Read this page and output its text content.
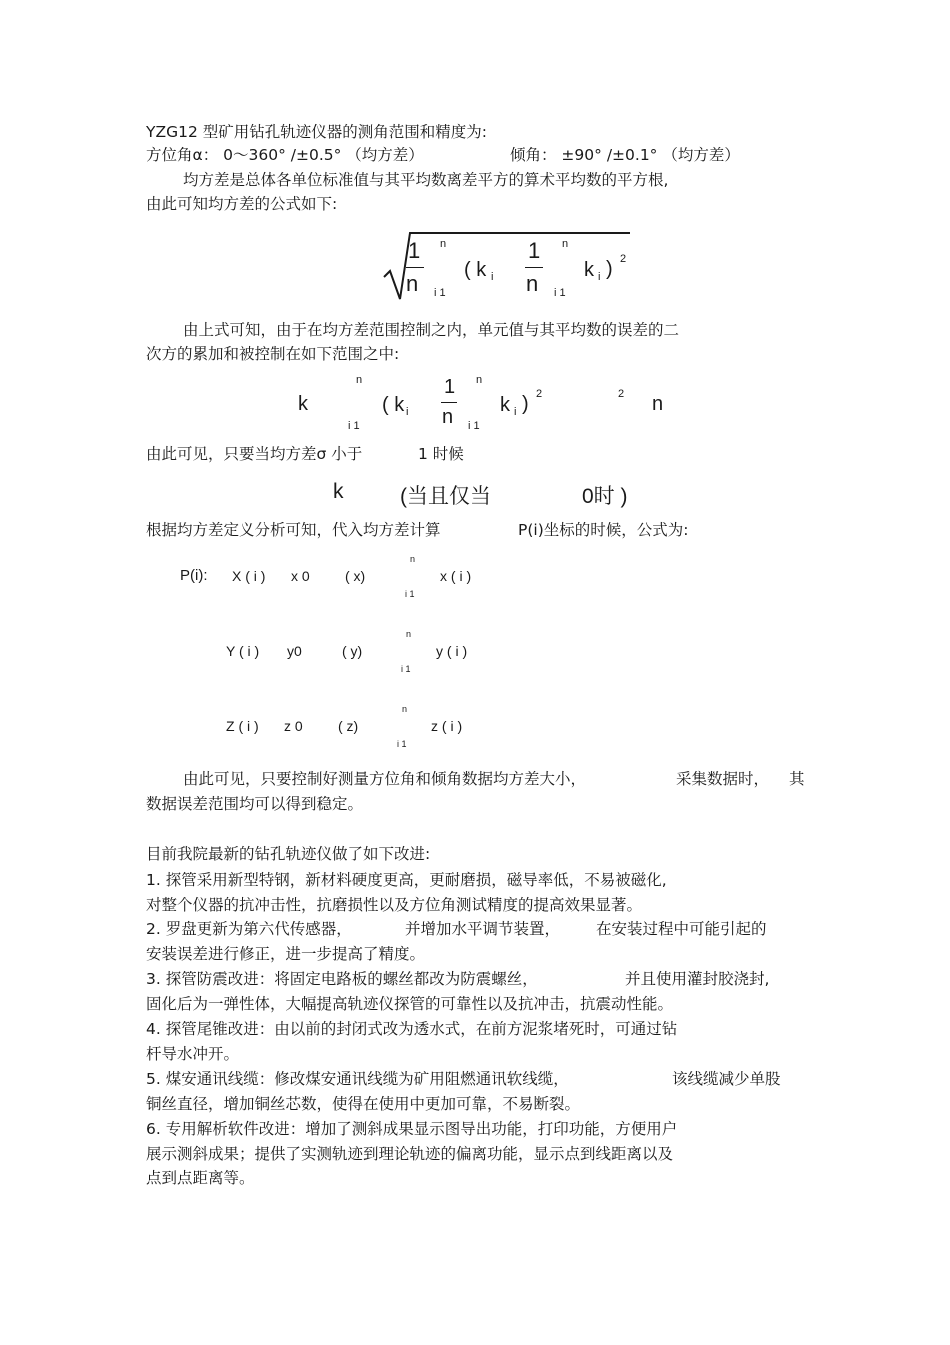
YZG12 型矿用钻孔轨迹仪器的测角范围和精度为:
方位角α： 0～360° /±0.5° （均方差）	倾角： ±90° /±0.1° （均方差）
均方差是总体各单位标准值与其平均数离差平方的算术平均数的平方根,
由此可知均方差的公式如下:
1
n
n
i 1
( k i
1
n
n
i 1
k i ) 2
由上式可知，由于在均方差范围控制之内，单元值与其平均数的误差的二
次方的累加和被控制在如下范围之中:
k
n
i 1
( k i
1
n
n
i 1
k i ) 2	2 n
由此可见，只要当均方差σ 小于	1 时候
k	(当且仅当	0时 )
根据均方差定义分析可知，代入均方差计算	P(i)坐标的时候，公式为:
P(i): X ( i ) x 0	( x)
n
i 1
x ( i )
Y ( i ) y0	( y)
n
i 1
y ( i )
Z ( i ) z 0	( z)
n
i 1
z ( i )
由此可见，只要控制好测量方位角和倾角数据均方差大小，	采集数据时， 其
数据误差范围均可以得到稳定。
目前我院最新的钻孔轨迹仪做了如下改进:
1. 探管采用新型特钢，新材料硬度更高，更耐磨损，磁导率低，不易被磁化,
对整个仪器的抗冲击性，抗磨损性以及方位角测试精度的提高效果显著。
2. 罗盘更新为第六代传感器，	并增加水平调节装置， 在安装过程中可能引起的
安装误差进行修正，进一步提高了精度。
3. 探管防震改进：将固定电路板的螺丝都改为防震螺丝，	并且使用灌封胶浇封,
固化后为一弹性体，大幅提高轨迹仪探管的可靠性以及抗冲击，抗震动性能。
4. 探管尾锥改进：由以前的封闭式改为透水式，在前方泥浆堵死时，可通过钻
杆导水冲开。
5. 煤安通讯线缆：修改煤安通讯线缆为矿用阻燃通讯软线缆，	该线缆减少单股
铜丝直径，增加铜丝芯数，使得在使用中更加可靠，不易断裂。
6. 专用解析软件改进：增加了测斜成果显示图导出功能，打印功能，方便用户
展示测斜成果；提供了实测轨迹到理论轨迹的偏离功能，显示点到线距离以及
点到点距离等。
